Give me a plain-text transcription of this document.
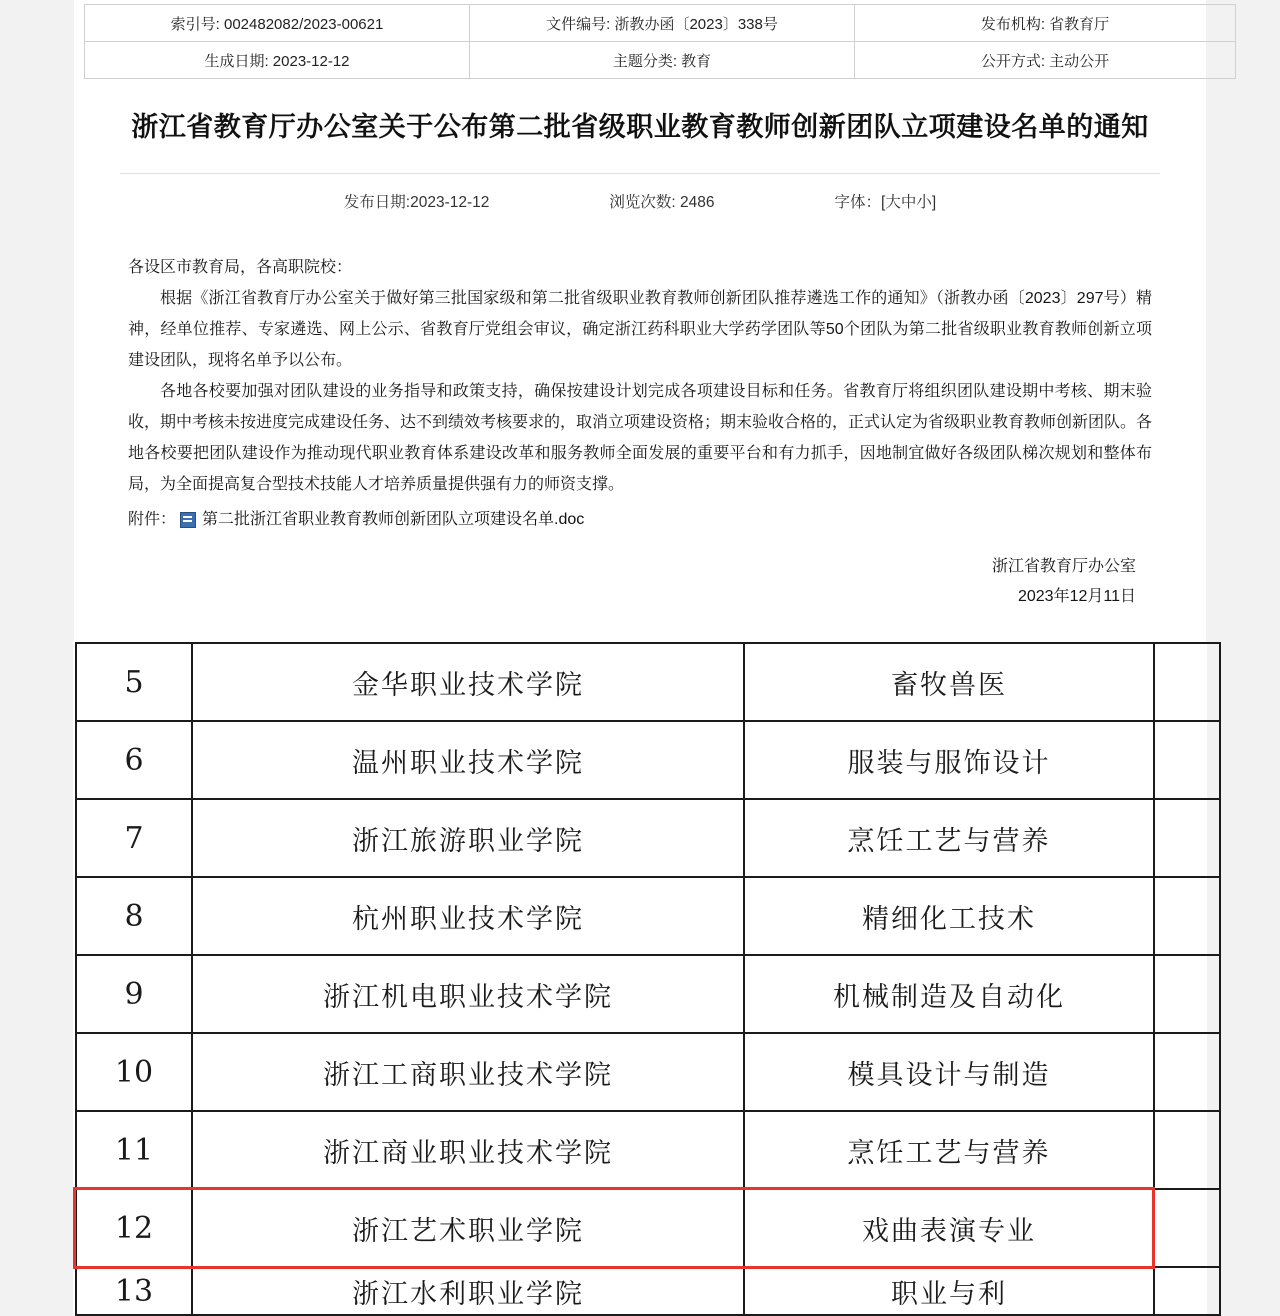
索引号: 002482082/2023-00621	文件编号: 浙教办函〔2023〕338号	发布机构: 省教育厅
生成日期: 2023-12-12	主题分类: 教育	公开方式: 主动公开
浙江省教育厅办公室关于公布第二批省级职业教育教师创新团队立项建设名单的通知
发布日期:2023-12-12	浏览次数: 2486	字体：[大中小]

各设区市教育局，各高职院校：

根据《浙江省教育厅办公室关于做好第三批国家级和第二批省级职业教育教师创新团队推荐遴选工作的通知》（浙教办函〔2023〕297号）精神，经单位推荐、专家遴选、网上公示、省教育厅党组会审议，确定浙江药科职业大学药学团队等50个团队为第二批省级职业教育教师创新立项建设团队，现将名单予以公布。

各地各校要加强对团队建设的业务指导和政策支持，确保按建设计划完成各项建设目标和任务。省教育厅将组织团队建设期中考核、期末验收，期中考核未按进度完成建设任务、达不到绩效考核要求的，取消立项建设资格；期末验收合格的，正式认定为省级职业教育教师创新团队。各地各校要把团队建设作为推动现代职业教育体系建设改革和服务教师全面发展的重要平台和有力抓手，因地制宜做好各级团队梯次规划和整体布局，为全面提高复合型技术技能人才培养质量提供强有力的师资支撑。

附件： 第二批浙江省职业教育教师创新团队立项建设名单.doc
浙江省教育厅办公室
2023年12月11日
5	金华职业技术学院	畜牧兽医	
6	温州职业技术学院	服装与服饰设计	
7	浙江旅游职业学院	烹饪工艺与营养	
8	杭州职业技术学院	精细化工技术	
9	浙江机电职业技术学院	机械制造及自动化	
10	浙江工商职业技术学院	模具设计与制造	
11	浙江商业职业技术学院	烹饪工艺与营养	
12	浙江艺术职业学院	戏曲表演专业	
13	浙江水利职业学院	职业与利	
